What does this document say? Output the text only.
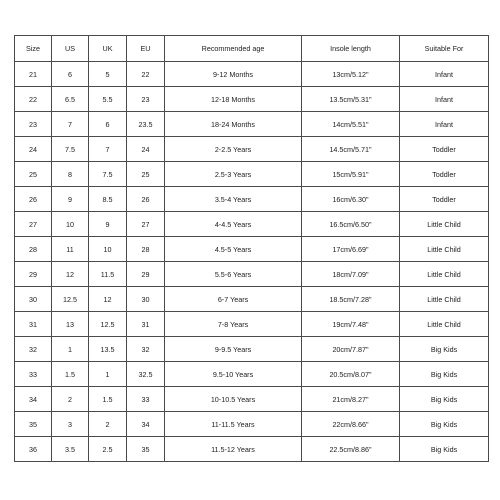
Size	US	UK	EU	Recommended age	Insole length	Suitable For
21	6	5	22	9-12 Months	13cm/5.12"	Infant
22	6.5	5.5	23	12-18 Months	13.5cm/5.31"	Infant
23	7	6	23.5	18-24 Months	14cm/5.51"	Infant
24	7.5	7	24	2-2.5 Years	14.5cm/5.71"	Toddler
25	8	7.5	25	2.5-3 Years	15cm/5.91"	Toddler
26	9	8.5	26	3.5-4 Years	16cm/6.30"	Toddler
27	10	9	27	4-4.5 Years	16.5cm/6.50"	Little Child
28	11	10	28	4.5-5 Years	17cm/6.69"	Little Child
29	12	11.5	29	5.5-6 Years	18cm/7.09"	Little Child
30	12.5	12	30	6-7 Years	18.5cm/7.28"	Little Child
31	13	12.5	31	7-8 Years	19cm/7.48"	Little Child
32	1	13.5	32	9-9.5 Years	20cm/7.87"	Big Kids
33	1.5	1	32.5	9.5-10 Years	20.5cm/8.07"	Big Kids
34	2	1.5	33	10-10.5 Years	21cm/8.27"	Big Kids
35	3	2	34	11-11.5 Years	22cm/8.66"	Big Kids
36	3.5	2.5	35	11.5-12 Years	22.5cm/8.86"	Big Kids
